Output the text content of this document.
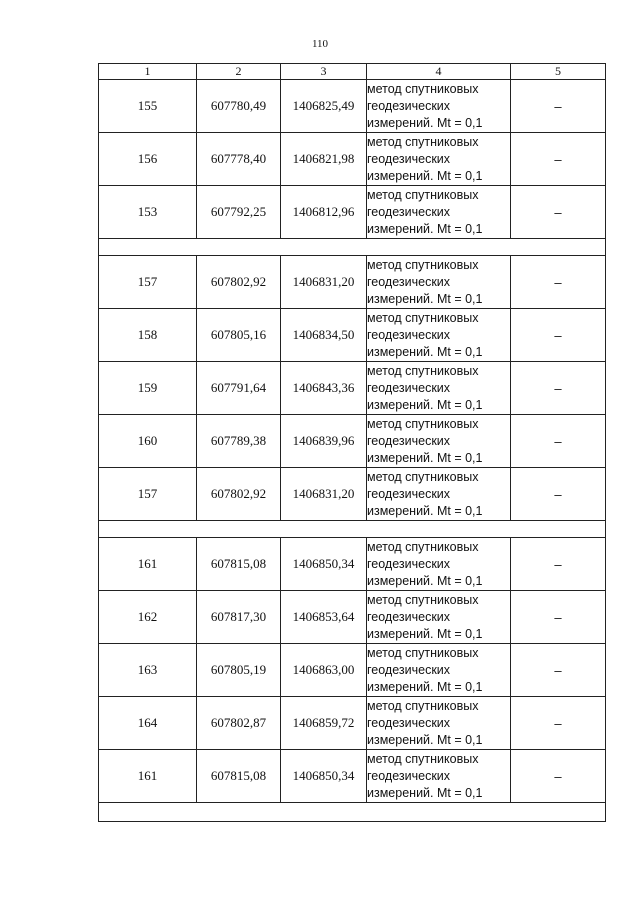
110
1	2	3	4	5
155	607780,49	1406825,49	метод спутниковых
геодезических
измерений. Mt = 0,1	–
156	607778,40	1406821,98	метод спутниковых
геодезических
измерений. Mt = 0,1	–
153	607792,25	1406812,96	метод спутниковых
геодезических
измерений. Mt = 0,1	–

157	607802,92	1406831,20	метод спутниковых
геодезических
измерений. Mt = 0,1	–
158	607805,16	1406834,50	метод спутниковых
геодезических
измерений. Mt = 0,1	–
159	607791,64	1406843,36	метод спутниковых
геодезических
измерений. Mt = 0,1	–
160	607789,38	1406839,96	метод спутниковых
геодезических
измерений. Mt = 0,1	–
157	607802,92	1406831,20	метод спутниковых
геодезических
измерений. Mt = 0,1	–

161	607815,08	1406850,34	метод спутниковых
геодезических
измерений. Mt = 0,1	–
162	607817,30	1406853,64	метод спутниковых
геодезических
измерений. Mt = 0,1	–
163	607805,19	1406863,00	метод спутниковых
геодезических
измерений. Mt = 0,1	–
164	607802,87	1406859,72	метод спутниковых
геодезических
измерений. Mt = 0,1	–
161	607815,08	1406850,34	метод спутниковых
геодезических
измерений. Mt = 0,1	–
